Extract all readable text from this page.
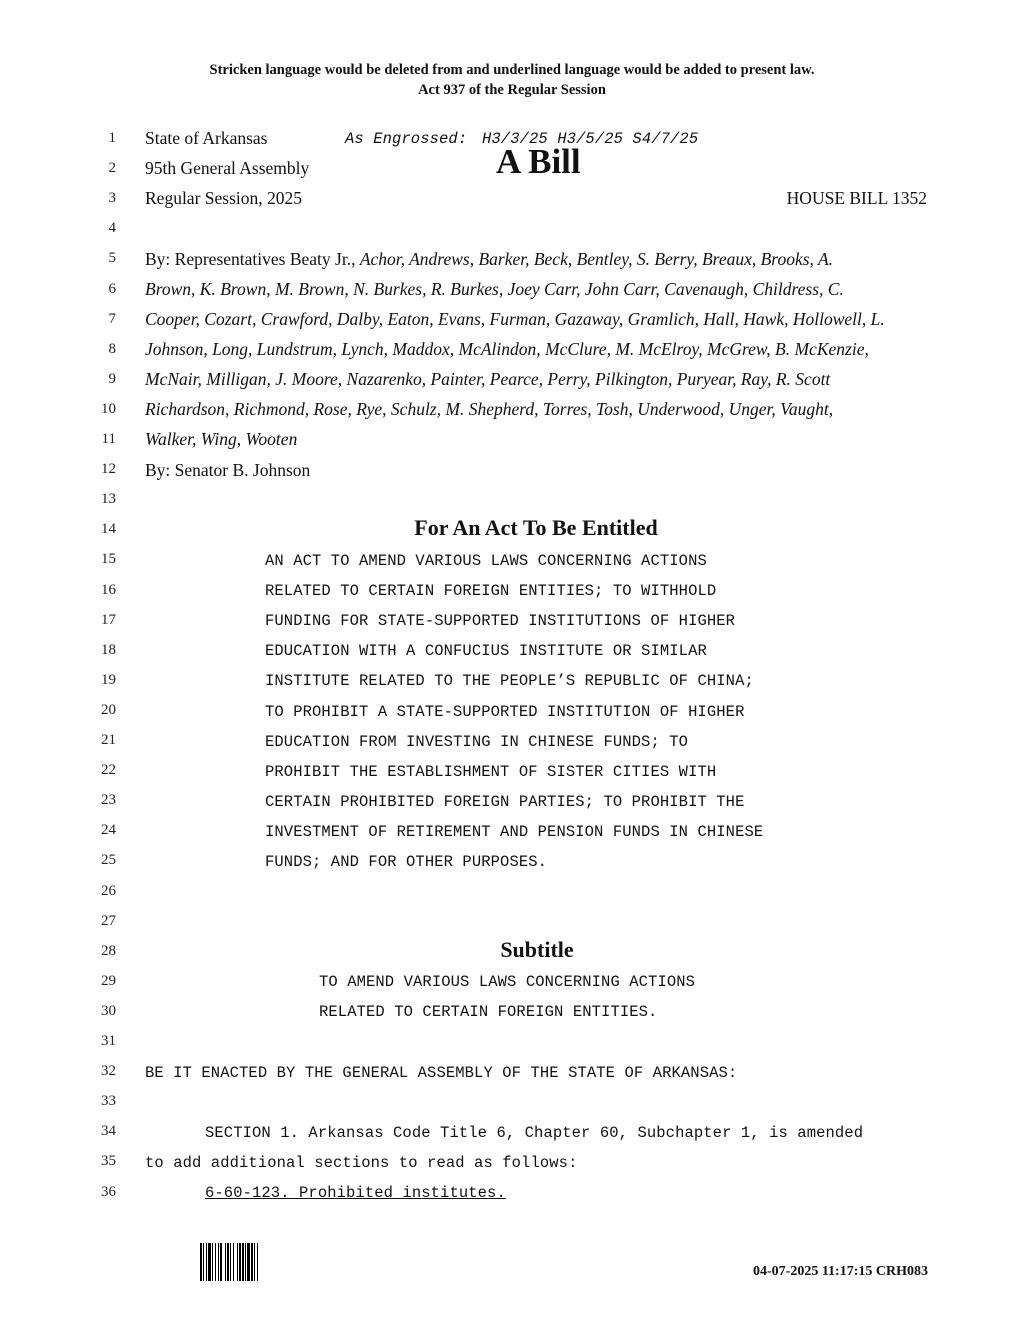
Stricken language would be deleted from and underlined language would be added to present law.
Act 937 of the Regular Session
1
2
3
4
5
6
7
8
9
10
11
12
13
14
15
16
17
18
19
20
21
22
23
24
25
26
27
28
29
30
31
32
33
34
35
36
State of Arkansas	As Engrossed: H3/3/25 H3/5/25 S4/7/25
95th General Assembly	A Bill
Regular Session, 2025	HOUSE BILL 1352
By: Representatives Beaty Jr., Achor, Andrews, Barker, Beck, Bentley, S. Berry, Breaux, Brooks, A.
Brown, K. Brown, M. Brown, N. Burkes, R. Burkes, Joey Carr, John Carr, Cavenaugh, Childress, C.
Cooper, Cozart, Crawford, Dalby, Eaton, Evans, Furman, Gazaway, Gramlich, Hall, Hawk, Hollowell, L.
Johnson, Long, Lundstrum, Lynch, Maddox, McAlindon, McClure, M. McElroy, McGrew, B. McKenzie,
McNair, Milligan, J. Moore, Nazarenko, Painter, Pearce, Perry, Pilkington, Puryear, Ray, R. Scott
Richardson, Richmond, Rose, Rye, Schulz, M. Shepherd, Torres, Tosh, Underwood, Unger, Vaught,
Walker, Wing, Wooten
By: Senator B. Johnson
For An Act To Be Entitled
AN ACT TO AMEND VARIOUS LAWS CONCERNING ACTIONS
RELATED TO CERTAIN FOREIGN ENTITIES; TO WITHHOLD
FUNDING FOR STATE-SUPPORTED INSTITUTIONS OF HIGHER
EDUCATION WITH A CONFUCIUS INSTITUTE OR SIMILAR
INSTITUTE RELATED TO THE PEOPLE’S REPUBLIC OF CHINA;
TO PROHIBIT A STATE-SUPPORTED INSTITUTION OF HIGHER
EDUCATION FROM INVESTING IN CHINESE FUNDS; TO
PROHIBIT THE ESTABLISHMENT OF SISTER CITIES WITH
CERTAIN PROHIBITED FOREIGN PARTIES; TO PROHIBIT THE
INVESTMENT OF RETIREMENT AND PENSION FUNDS IN CHINESE
FUNDS; AND FOR OTHER PURPOSES.
Subtitle
TO AMEND VARIOUS LAWS CONCERNING ACTIONS
RELATED TO CERTAIN FOREIGN ENTITIES.
BE IT ENACTED BY THE GENERAL ASSEMBLY OF THE STATE OF ARKANSAS:
SECTION 1. Arkansas Code Title 6, Chapter 60, Subchapter 1, is amended
to add additional sections to read as follows:
6-60-123. Prohibited institutes.
04-07-2025 11:17:15 CRH083
